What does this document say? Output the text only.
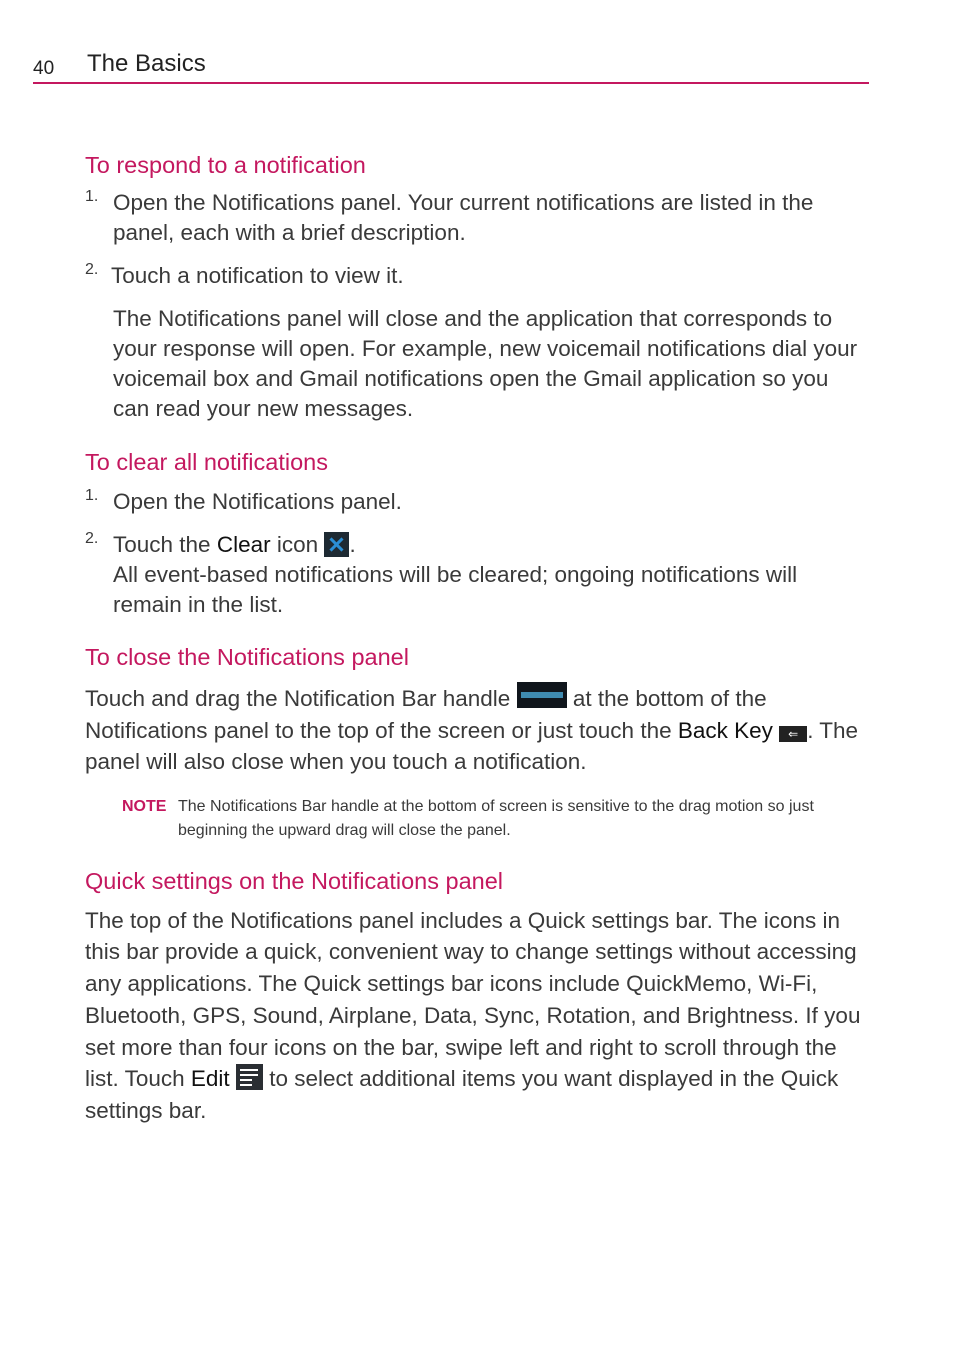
40 The Basics
To respond to a notification
1. Open the Notifications panel. Your current notifications are listed in the panel, each with a brief description.

2. Touch a notification to view it.

The Notifications panel will close and the application that corresponds to your response will open. For example, new voicemail notifications dial your voicemail box and Gmail notifications open the Gmail application so you can read your new messages.

To clear all notifications
1. Open the Notifications panel.

2. Touch the Clear icon .

All event-based notifications will be cleared; ongoing notifications will remain in the list.

To close the Notifications panel

Touch and drag the Notification Bar handle	at the bottom of the Notifications panel to the top of the screen or just touch the Back Key ⇐ . The panel will also close when you touch a notification.

NOTE The Notifications Bar handle at the bottom of screen is sensitive to the drag motion so just beginning the upward drag will close the panel.
Quick settings on the Notifications panel

The top of the Notifications panel includes a Quick settings bar. The icons in this bar provide a quick, convenient way to change settings without accessing any applications. The Quick settings bar icons include QuickMemo, Wi-Fi, Bluetooth, GPS, Sound, Airplane, Data, Sync, Rotation, and Brightness. If you set more than four icons on the bar, swipe left and right to scroll through the list. Touch Edit to select additional items you want displayed in the Quick settings bar.
